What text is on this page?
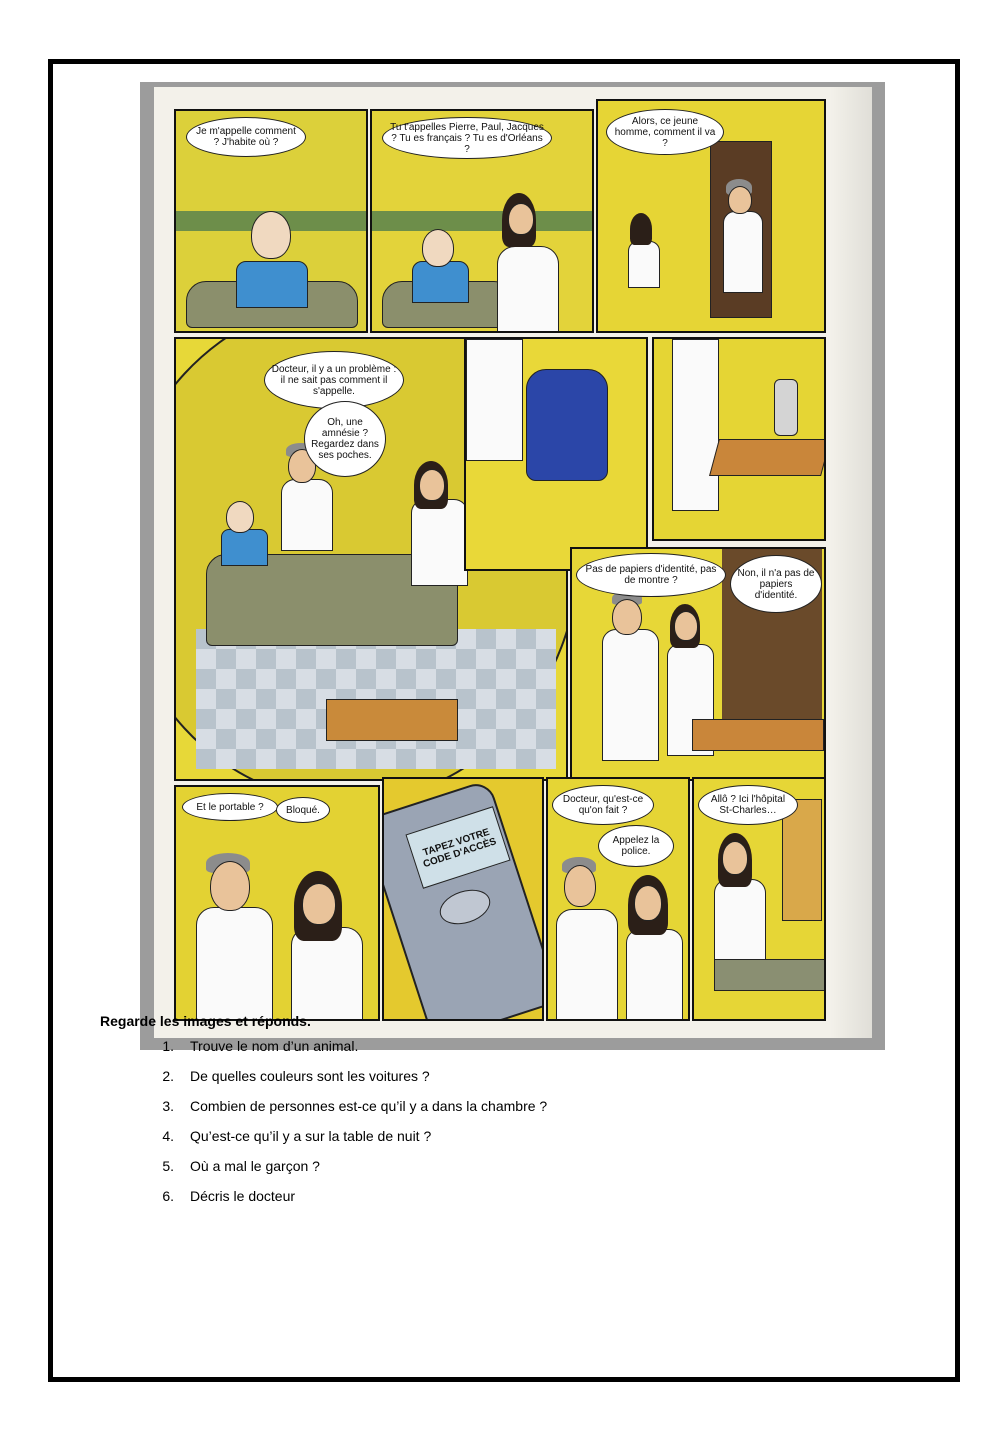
Je m'appelle comment ? J'habite où ?
Tu t'appelles Pierre, Paul, Jacques ? Tu es français ? Tu es d'Orléans ?
Alors, ce jeune homme, comment il va ?
Docteur, il y a un problème : il ne sait pas comment il s'appelle.
Oh, une amnésie ? Regardez dans ses poches.
Pas de papiers d'identité, pas de montre ?
Non, il n'a pas de papiers d'identité.
Et le portable ?	Bloqué.
TAPEZ VOTRE CODE D'ACCÈS
Docteur, qu'est-ce qu'on fait ?
Appelez la police.
Allô ? Ici l'hôpital St-Charles…

Regarde les images et réponds.

1.	Trouve le nom d’un animal.
2.	De quelles couleurs sont les voitures ?
3.	Combien de personnes est-ce qu’il y a dans la chambre ?
4.	Qu’est-ce qu’il y a sur la table de nuit ?
5.	Où a mal le garçon ?
6.	Décris le docteur
